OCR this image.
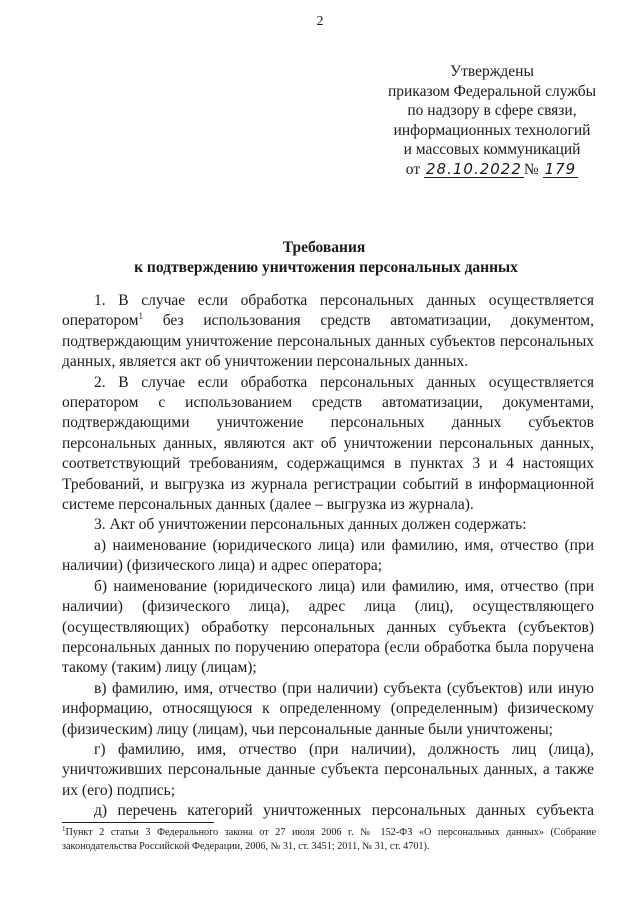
2
Утверждены
приказом Федеральной службы
по надзору в сфере связи,
информационных технологий
и массовых коммуникаций
от 28.10.2022 № 179
Требования
к подтверждению уничтожения персональных данных

1. В случае если обработка персональных данных осуществляется оператором$^1$ без использования средств автоматизации, документом, подтверждающим уничтожение персональных данных субъектов персональных данных, является акт об уничтожении персональных данных.

2. В случае если обработка персональных данных осуществляется оператором с использованием средств автоматизации, документами, подтверждающими уничтожение персональных данных субъектов персональных данных, являются акт об уничтожении персональных данных, соответствующий требованиям, содержащимся в пунктах 3 и 4 настоящих Требований, и выгрузка из журнала регистрации событий в информационной системе персональных данных (далее – выгрузка из журнала).

3. Акт об уничтожении персональных данных должен содержать:

а) наименование (юридического лица) или фамилию, имя, отчество (при наличии) (физического лица) и адрес оператора;

б) наименование (юридического лица) или фамилию, имя, отчество (при наличии) (физического лица), адрес лица (лиц), осуществляющего (осуществляющих) обработку персональных данных субъекта (субъектов) персональных данных по поручению оператора (если обработка была поручена такому (таким) лицу (лицам);

в) фамилию, имя, отчество (при наличии) субъекта (субъектов) или иную информацию, относящуюся к определенному (определенным) физическому (физическим) лицу (лицам), чьи персональные данные были уничтожены;

г) фамилию, имя, отчество (при наличии), должность лиц (лица), уничтоживших персональные данные субъекта персональных данных, а также их (его) подпись;

д) перечень категорий уничтоженных персональных данных субъекта

$^1$Пункт 2 статьи 3 Федерального закона от 27 июля 2006 г. № 152-ФЗ «О персональных данных» (Собрание законодательства Российской Федерации, 2006, № 31, ст. 3451; 2011, № 31, ст. 4701).
